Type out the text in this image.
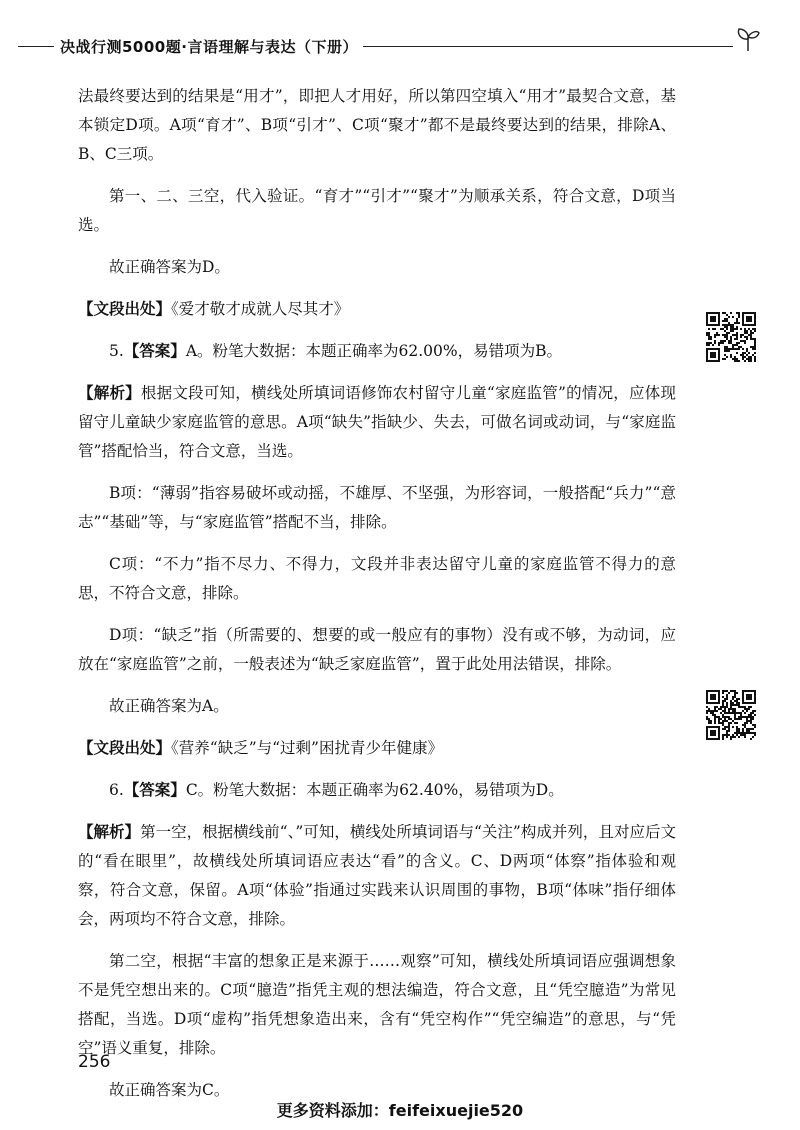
决战行测5000题·言语理解与表达（下册）

法最终要达到的结果是“用才”，即把人才用好，所以第四空填入“用才”最契合文意，基本锁定D项。A项“育才”、B项“引才”、C项“聚才”都不是最终要达到的结果，排除A、B、C三项。

第一、二、三空，代入验证。“育才”“引才”“聚才”为顺承关系，符合文意，D项当选。

故正确答案为D。

【文段出处】《爱才敬才成就人尽其才》

5.【答案】A。粉笔大数据：本题正确率为62.00%，易错项为B。

【解析】根据文段可知，横线处所填词语修饰农村留守儿童“家庭监管”的情况，应体现留守儿童缺少家庭监管的意思。A项“缺失”指缺少、失去，可做名词或动词，与“家庭监管”搭配恰当，符合文意，当选。

B项：“薄弱”指容易破坏或动摇，不雄厚、不坚强，为形容词，一般搭配“兵力”“意志”“基础”等，与“家庭监管”搭配不当，排除。

C项：“不力”指不尽力、不得力，文段并非表达留守儿童的家庭监管不得力的意思，不符合文意，排除。

D项：“缺乏”指（所需要的、想要的或一般应有的事物）没有或不够，为动词，应放在“家庭监管”之前，一般表述为“缺乏家庭监管”，置于此处用法错误，排除。

故正确答案为A。

【文段出处】《营养“缺乏”与“过剩”困扰青少年健康》

6.【答案】C。粉笔大数据：本题正确率为62.40%，易错项为D。

【解析】第一空，根据横线前“、”可知，横线处所填词语与“关注”构成并列，且对应后文的“看在眼里”，故横线处所填词语应表达“看”的含义。C、D两项“体察”指体验和观察，符合文意，保留。A项“体验”指通过实践来认识周围的事物，B项“体味”指仔细体会，两项均不符合文意，排除。

第二空，根据“丰富的想象正是来源于……观察”可知，横线处所填词语应强调想象不是凭空想出来的。C项“臆造”指凭主观的想法编造，符合文意，且“凭空臆造”为常见搭配，当选。D项“虚构”指凭想象造出来，含有“凭空构作”“凭空编造”的意思，与“凭空”语义重复，排除。

故正确答案为C。

256
更多资料添加：feifeixuejie520
